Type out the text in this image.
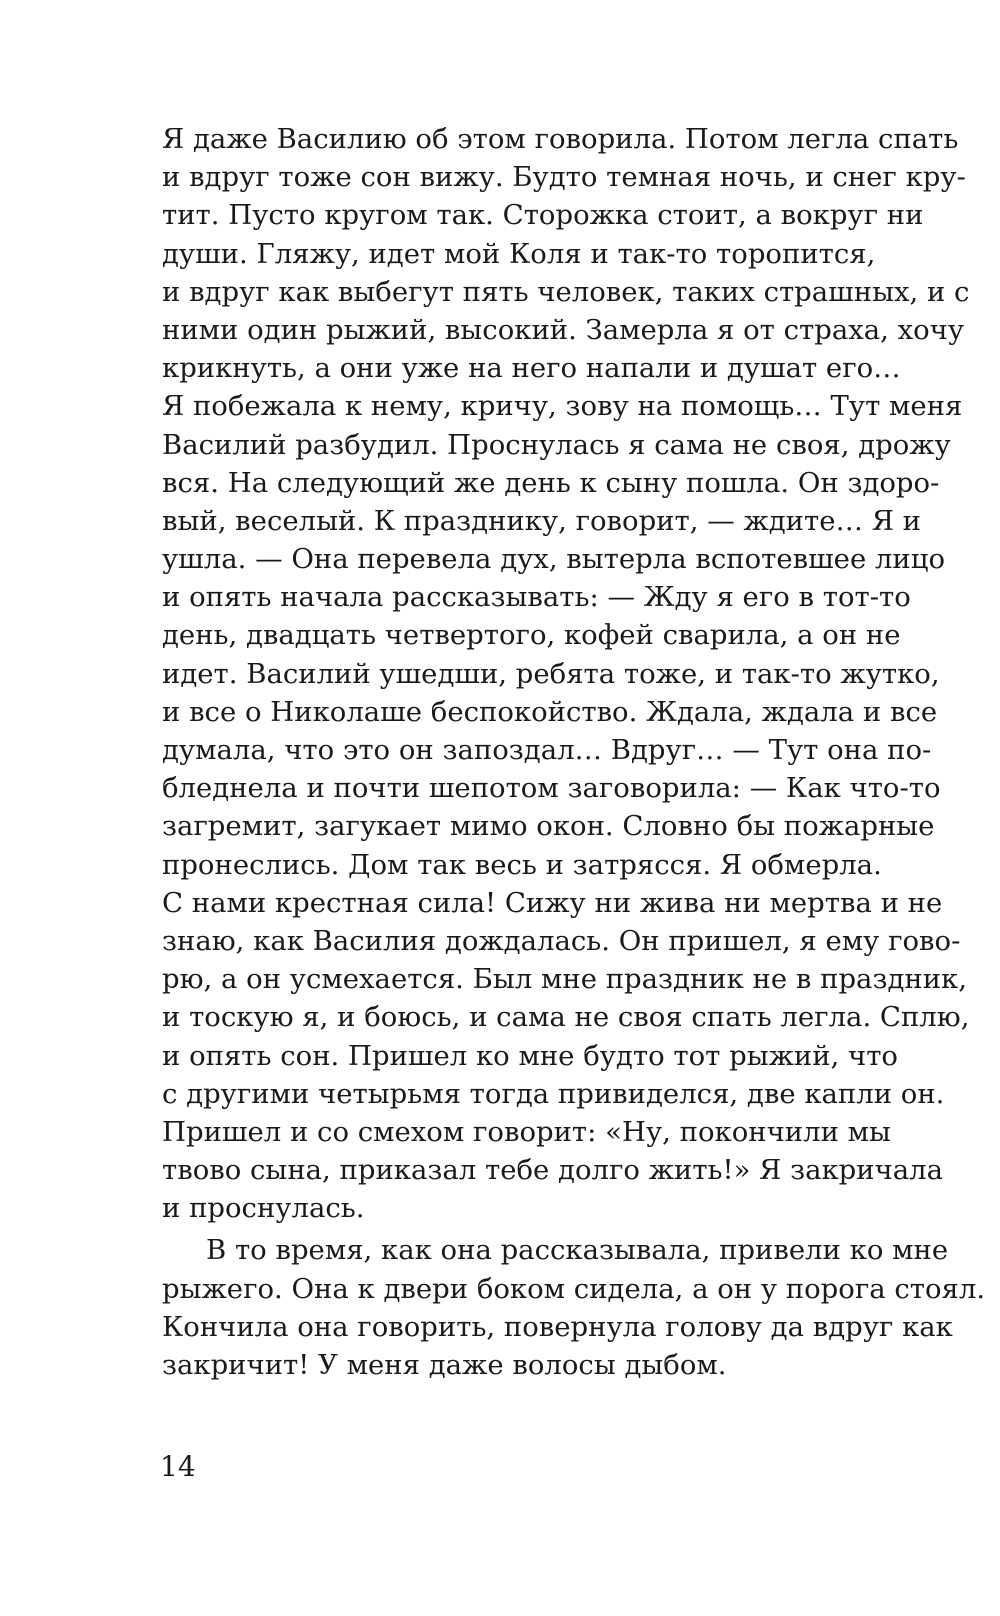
Я даже Василию об этом говорила. Потом легла спать
и вдруг тоже сон вижу. Будто темная ночь, и снег кру-
тит. Пусто кругом так. Сторожка стоит, а вокруг ни
души. Гляжу, идет мой Коля и так-то торопится,
и вдруг как выбегут пять человек, таких страшных, и с
ними один рыжий, высокий. Замерла я от страха, хочу
крикнуть, а они уже на него напали и душат его…
Я побежала к нему, кричу, зову на помощь… Тут меня
Василий разбудил. Проснулась я сама не своя, дрожу
вся. На следующий же день к сыну пошла. Он здоро-
вый, веселый. К празднику, говорит, — ждите… Я и
ушла. — Она перевела дух, вытерла вспотевшее лицо
и опять начала рассказывать: — Жду я его в тот-то
день, двадцать четвертого, кофей сварила, а он не
идет. Василий ушедши, ребята тоже, и так-то жутко,
и все о Николаше беспокойство. Ждала, ждала и все
думала, что это он запоздал… Вдруг… — Тут она по-
бледнела и почти шепотом заговорила: — Как что-то
загремит, загукает мимо окон. Словно бы пожарные
пронеслись. Дом так весь и затрясся. Я обмерла.
С нами крестная сила! Сижу ни жива ни мертва и не
знаю, как Василия дождалась. Он пришел, я ему гово-
рю, а он усмехается. Был мне праздник не в праздник,
и тоскую я, и боюсь, и сама не своя спать легла. Сплю,
и опять сон. Пришел ко мне будто тот рыжий, что
с другими четырьмя тогда привиделся, две капли он.
Пришел и со смехом говорит: «Ну, покончили мы
твово сына, приказал тебе долго жить!» Я закричала
и проснулась.
В то время, как она рассказывала, привели ко мне
рыжего. Она к двери боком сидела, а он у порога стоял.
Кончила она говорить, повернула голову да вдруг как
закричит! У меня даже волосы дыбом.
14
